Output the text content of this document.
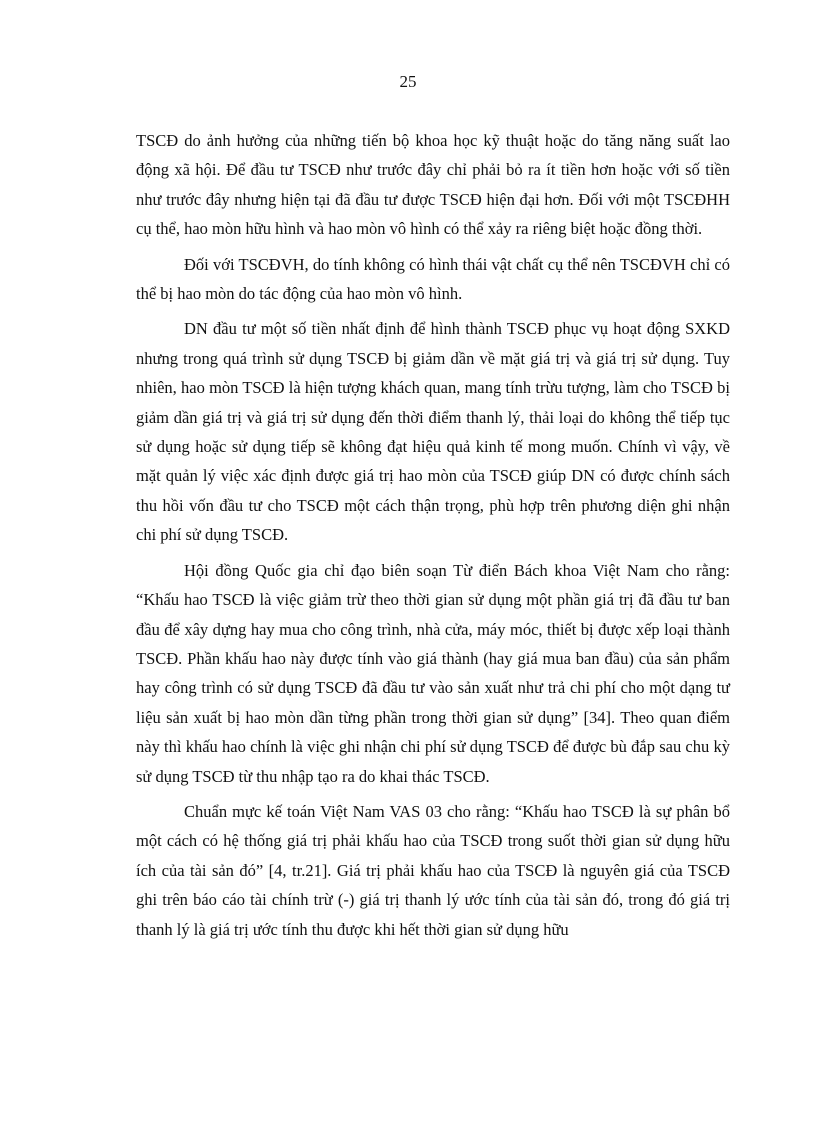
25

TSCĐ do ảnh hưởng của những tiến bộ khoa học kỹ thuật hoặc do tăng năng suất lao động xã hội. Để đầu tư TSCĐ như trước đây chỉ phải bỏ ra ít tiền hơn hoặc với số tiền như trước đây nhưng hiện tại đã đầu tư được TSCĐ hiện đại hơn. Đối với một TSCĐHH cụ thể, hao mòn hữu hình và hao mòn vô hình có thể xảy ra riêng biệt hoặc đồng thời.

Đối với TSCĐVH, do tính không có hình thái vật chất cụ thể nên TSCĐVH chỉ có thể bị hao mòn do tác động của hao mòn vô hình.

DN đầu tư một số tiền nhất định để hình thành TSCĐ phục vụ hoạt động SXKD nhưng trong quá trình sử dụng TSCĐ bị giảm dần về mặt giá trị và giá trị sử dụng. Tuy nhiên, hao mòn TSCĐ là hiện tượng khách quan, mang tính trừu tượng, làm cho TSCĐ bị giảm dần giá trị và giá trị sử dụng đến thời điểm thanh lý, thải loại do không thể tiếp tục sử dụng hoặc sử dụng tiếp sẽ không đạt hiệu quả kinh tế mong muốn. Chính vì vậy, về mặt quản lý việc xác định được giá trị hao mòn của TSCĐ giúp DN có được chính sách thu hồi vốn đầu tư cho TSCĐ một cách thận trọng, phù hợp trên phương diện ghi nhận chi phí sử dụng TSCĐ.

Hội đồng Quốc gia chỉ đạo biên soạn Từ điển Bách khoa Việt Nam cho rằng: “Khấu hao TSCĐ là việc giảm trừ theo thời gian sử dụng một phần giá trị đã đầu tư ban đầu để xây dựng hay mua cho công trình, nhà cửa, máy móc, thiết bị được xếp loại thành TSCĐ. Phần khấu hao này được tính vào giá thành (hay giá mua ban đầu) của sản phẩm hay công trình có sử dụng TSCĐ đã đầu tư vào sản xuất như trả chi phí cho một dạng tư liệu sản xuất bị hao mòn dần từng phần trong thời gian sử dụng” [34]. Theo quan điểm này thì khấu hao chính là việc ghi nhận chi phí sử dụng TSCĐ để được bù đắp sau chu kỳ sử dụng TSCĐ từ thu nhập tạo ra do khai thác TSCĐ.

Chuẩn mực kế toán Việt Nam VAS 03 cho rằng: “Khấu hao TSCĐ là sự phân bổ một cách có hệ thống giá trị phải khấu hao của TSCĐ trong suốt thời gian sử dụng hữu ích của tài sản đó” [4, tr.21]. Giá trị phải khấu hao của TSCĐ là nguyên giá của TSCĐ ghi trên báo cáo tài chính trừ (-) giá trị thanh lý ước tính của tài sản đó, trong đó giá trị thanh lý là giá trị ước tính thu được khi hết thời gian sử dụng hữu
